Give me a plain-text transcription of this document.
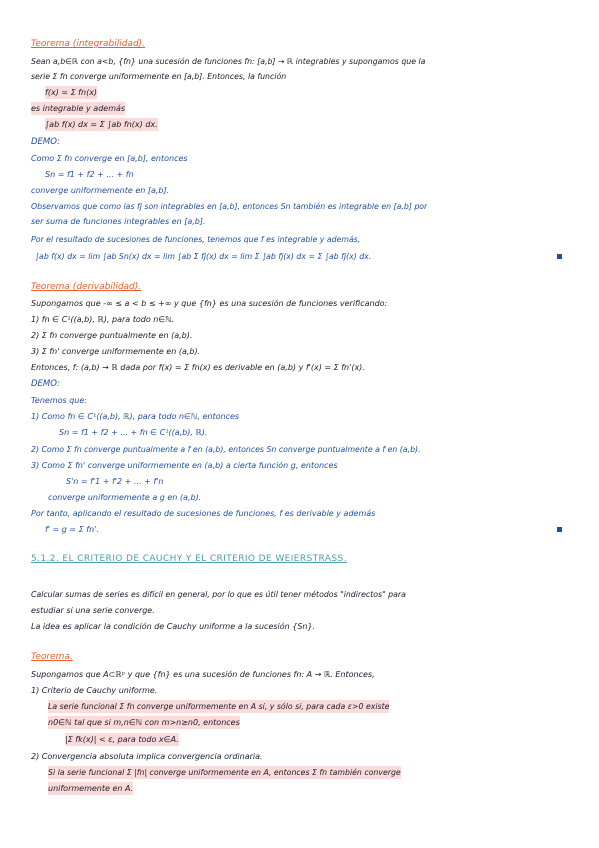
Teorema (integrabilidad).
Sean a,b∈ℝ con a<b, {fn} una sucesión de funciones fn: [a,b] → ℝ integrables y supongamos que la
serie Σ fn converge uniformemente en [a,b]. Entonces, la función
f(x) = Σ fn(x)
es integrable y además
∫ab f(x) dx = Σ ∫ab fn(x) dx.
DEMO:
Como Σ fn converge en [a,b], entonces
Sn = f1 + f2 + ... + fn
converge uniformemente en [a,b].
Observamos que como las fj son integrables en [a,b], entonces Sn también es integrable en [a,b] por
ser suma de funciones integrables en [a,b].
Por el resultado de sucesiones de funciones, tenemos que f es integrable y además,
∫ab f(x) dx = lim ∫ab Sn(x) dx = lim ∫ab Σ fj(x) dx = lim Σ ∫ab fj(x) dx = Σ ∫ab fj(x) dx.
Teorema (derivabilidad).
Supongamos que -∞ ≤ a < b ≤ +∞ y que {fn} es una sucesión de funciones verificando:
1) fn ∈ C¹((a,b), ℝ), para todo n∈ℕ.
2) Σ fn converge puntualmente en (a,b).
3) Σ fn' converge uniformemente en (a,b).
Entonces, f: (a,b) → ℝ dada por f(x) = Σ fn(x) es derivable en (a,b) y f'(x) = Σ fn'(x).
DEMO:
Tenemos que:
1) Como fn ∈ C¹((a,b), ℝ), para todo n∈ℕ, entonces
Sn = f1 + f2 + ... + fn ∈ C¹((a,b), ℝ).
2) Como Σ fn converge puntualmente a f en (a,b), entonces Sn converge puntualmente a f en (a,b).
3) Como Σ fn' converge uniformemente en (a,b) a cierta función g, entonces
S'n = f'1 + f'2 + ... + f'n
converge uniformemente a g en (a,b).
Por tanto, aplicando el resultado de sucesiones de funciones, f es derivable y además
f' = g = Σ fn'.
5.1.2. EL CRITERIO DE CAUCHY Y EL CRITERIO DE WEIERSTRASS.
Calcular sumas de series es difícil en general, por lo que es útil tener métodos "indirectos" para
estudiar si una serie converge.
La idea es aplicar la condición de Cauchy uniforme a la sucesión {Sn}.
Teorema.
Supongamos que A⊂ℝᵖ y que {fn} es una sucesión de funciones fn: A → ℝ. Entonces,
1) Criterio de Cauchy uniforme.
La serie funcional Σ fn converge uniformemente en A si, y sólo si, para cada ε>0 existe
n0∈ℕ tal que si m,n∈ℕ con m>n≥n0, entonces
|Σ fk(x)| < ε, para todo x∈A.
2) Convergencia absoluta implica convergencia ordinaria.
Si la serie funcional Σ |fn| converge uniformemente en A, entonces Σ fn también converge
uniformemente en A.
